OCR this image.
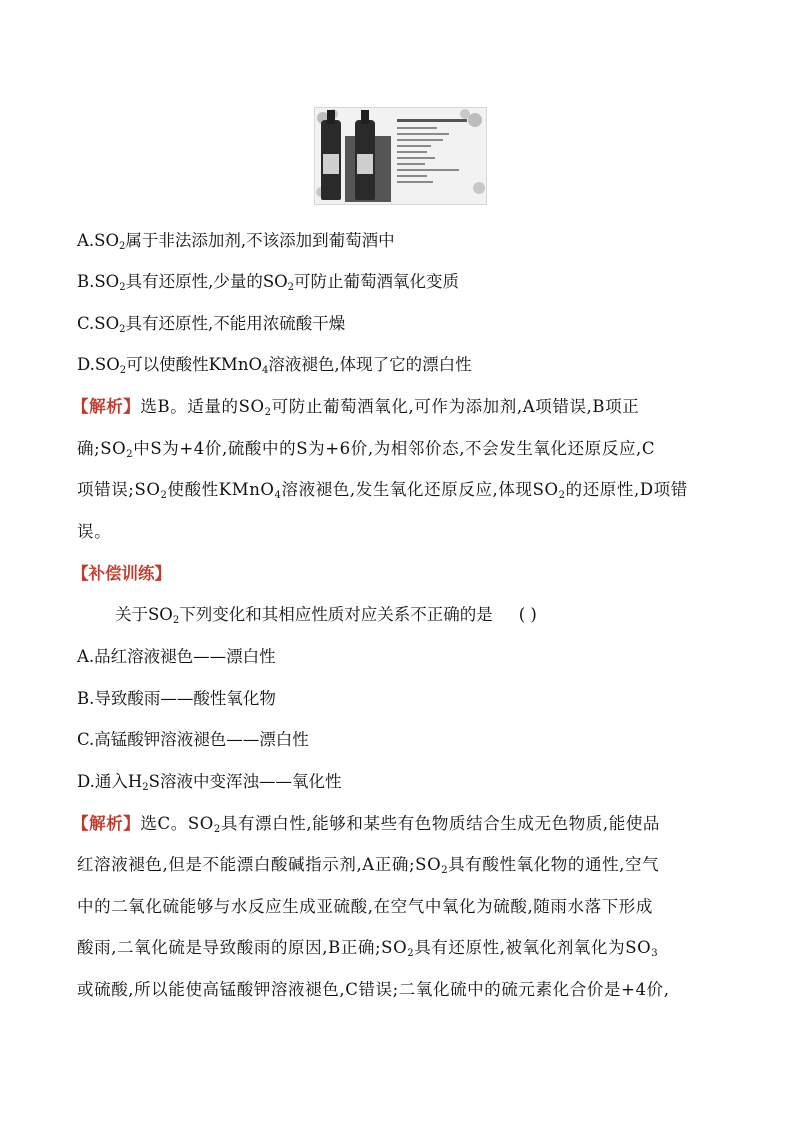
$A.SO_2$属于非法添加剂,不该添加到葡萄酒中
$B.SO_2$具有还原性,少量的$SO_2$可防止葡萄酒氧化变质
$C.SO_2$具有还原性,不能用浓硫酸干燥
$D.SO_2$可以使酸性KMnO$_4$溶液褪色,体现了它的漂白性
【解析】选B。适量的$SO_2$可防止葡萄酒氧化,可作为添加剂,A项错误,B项正
确$;SO_2$中S为+4价,硫酸中的S为+6价,为相邻价态,不会发生氧化还原反应,C
项错误$;SO_2$使酸性KMnO$_4$溶液褪色,发生氧化还原反应,体现$SO_2$的还原性,D项错
误。
【补偿训练】
关于$SO_2$下列变化和其相应性质对应关系不正确的是 ( )
A.品红溶液褪色——漂白性
B.导致酸雨——酸性氧化物
C.高锰酸钾溶液褪色——漂白性
D.通入$H_2S$溶液中变浑浊——氧化性
【解析】选C。$SO_2$具有漂白性,能够和某些有色物质结合生成无色物质,能使品
红溶液褪色,但是不能漂白酸碱指示剂,A正确$;SO_2$具有酸性氧化物的通性,空气
中的二氧化硫能够与水反应生成亚硫酸,在空气中氧化为硫酸,随雨水落下形成
酸雨,二氧化硫是导致酸雨的原因,B正确$;SO_2$具有还原性,被氧化剂氧化为$SO_3$
或硫酸,所以能使高锰酸钾溶液褪色,C错误;二氧化硫中的硫元素化合价是+4价,
